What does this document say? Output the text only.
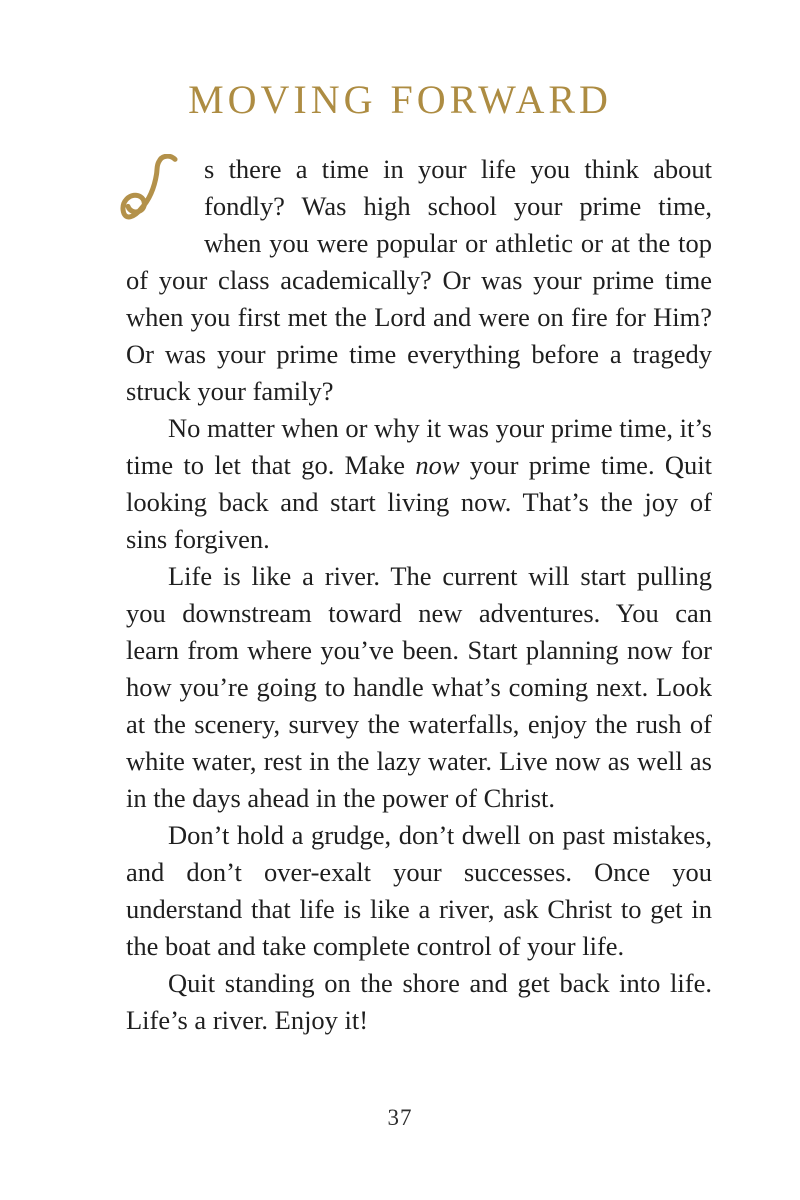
MOVING FORWARD

s there a time in your life you think about fondly? Was high school your prime time, when you were popular or athletic or at the top of your class academically? Or was your prime time when you first met the Lord and were on fire for Him? Or was your prime time everything before a tragedy struck your family?

No matter when or why it was your prime time, it’s time to let that go. Make now your prime time. Quit looking back and start living now. That’s the joy of sins forgiven.

Life is like a river. The current will start pulling you downstream toward new adventures. You can learn from where you’ve been. Start planning now for how you’re going to handle what’s coming next. Look at the scenery, survey the waterfalls, enjoy the rush of white water, rest in the lazy water. Live now as well as in the days ahead in the power of Christ.

Don’t hold a grudge, don’t dwell on past mistakes, and don’t over-exalt your successes. Once you understand that life is like a river, ask Christ to get in the boat and take complete control of your life.

Quit standing on the shore and get back into life. Life’s a river. Enjoy it!

37
